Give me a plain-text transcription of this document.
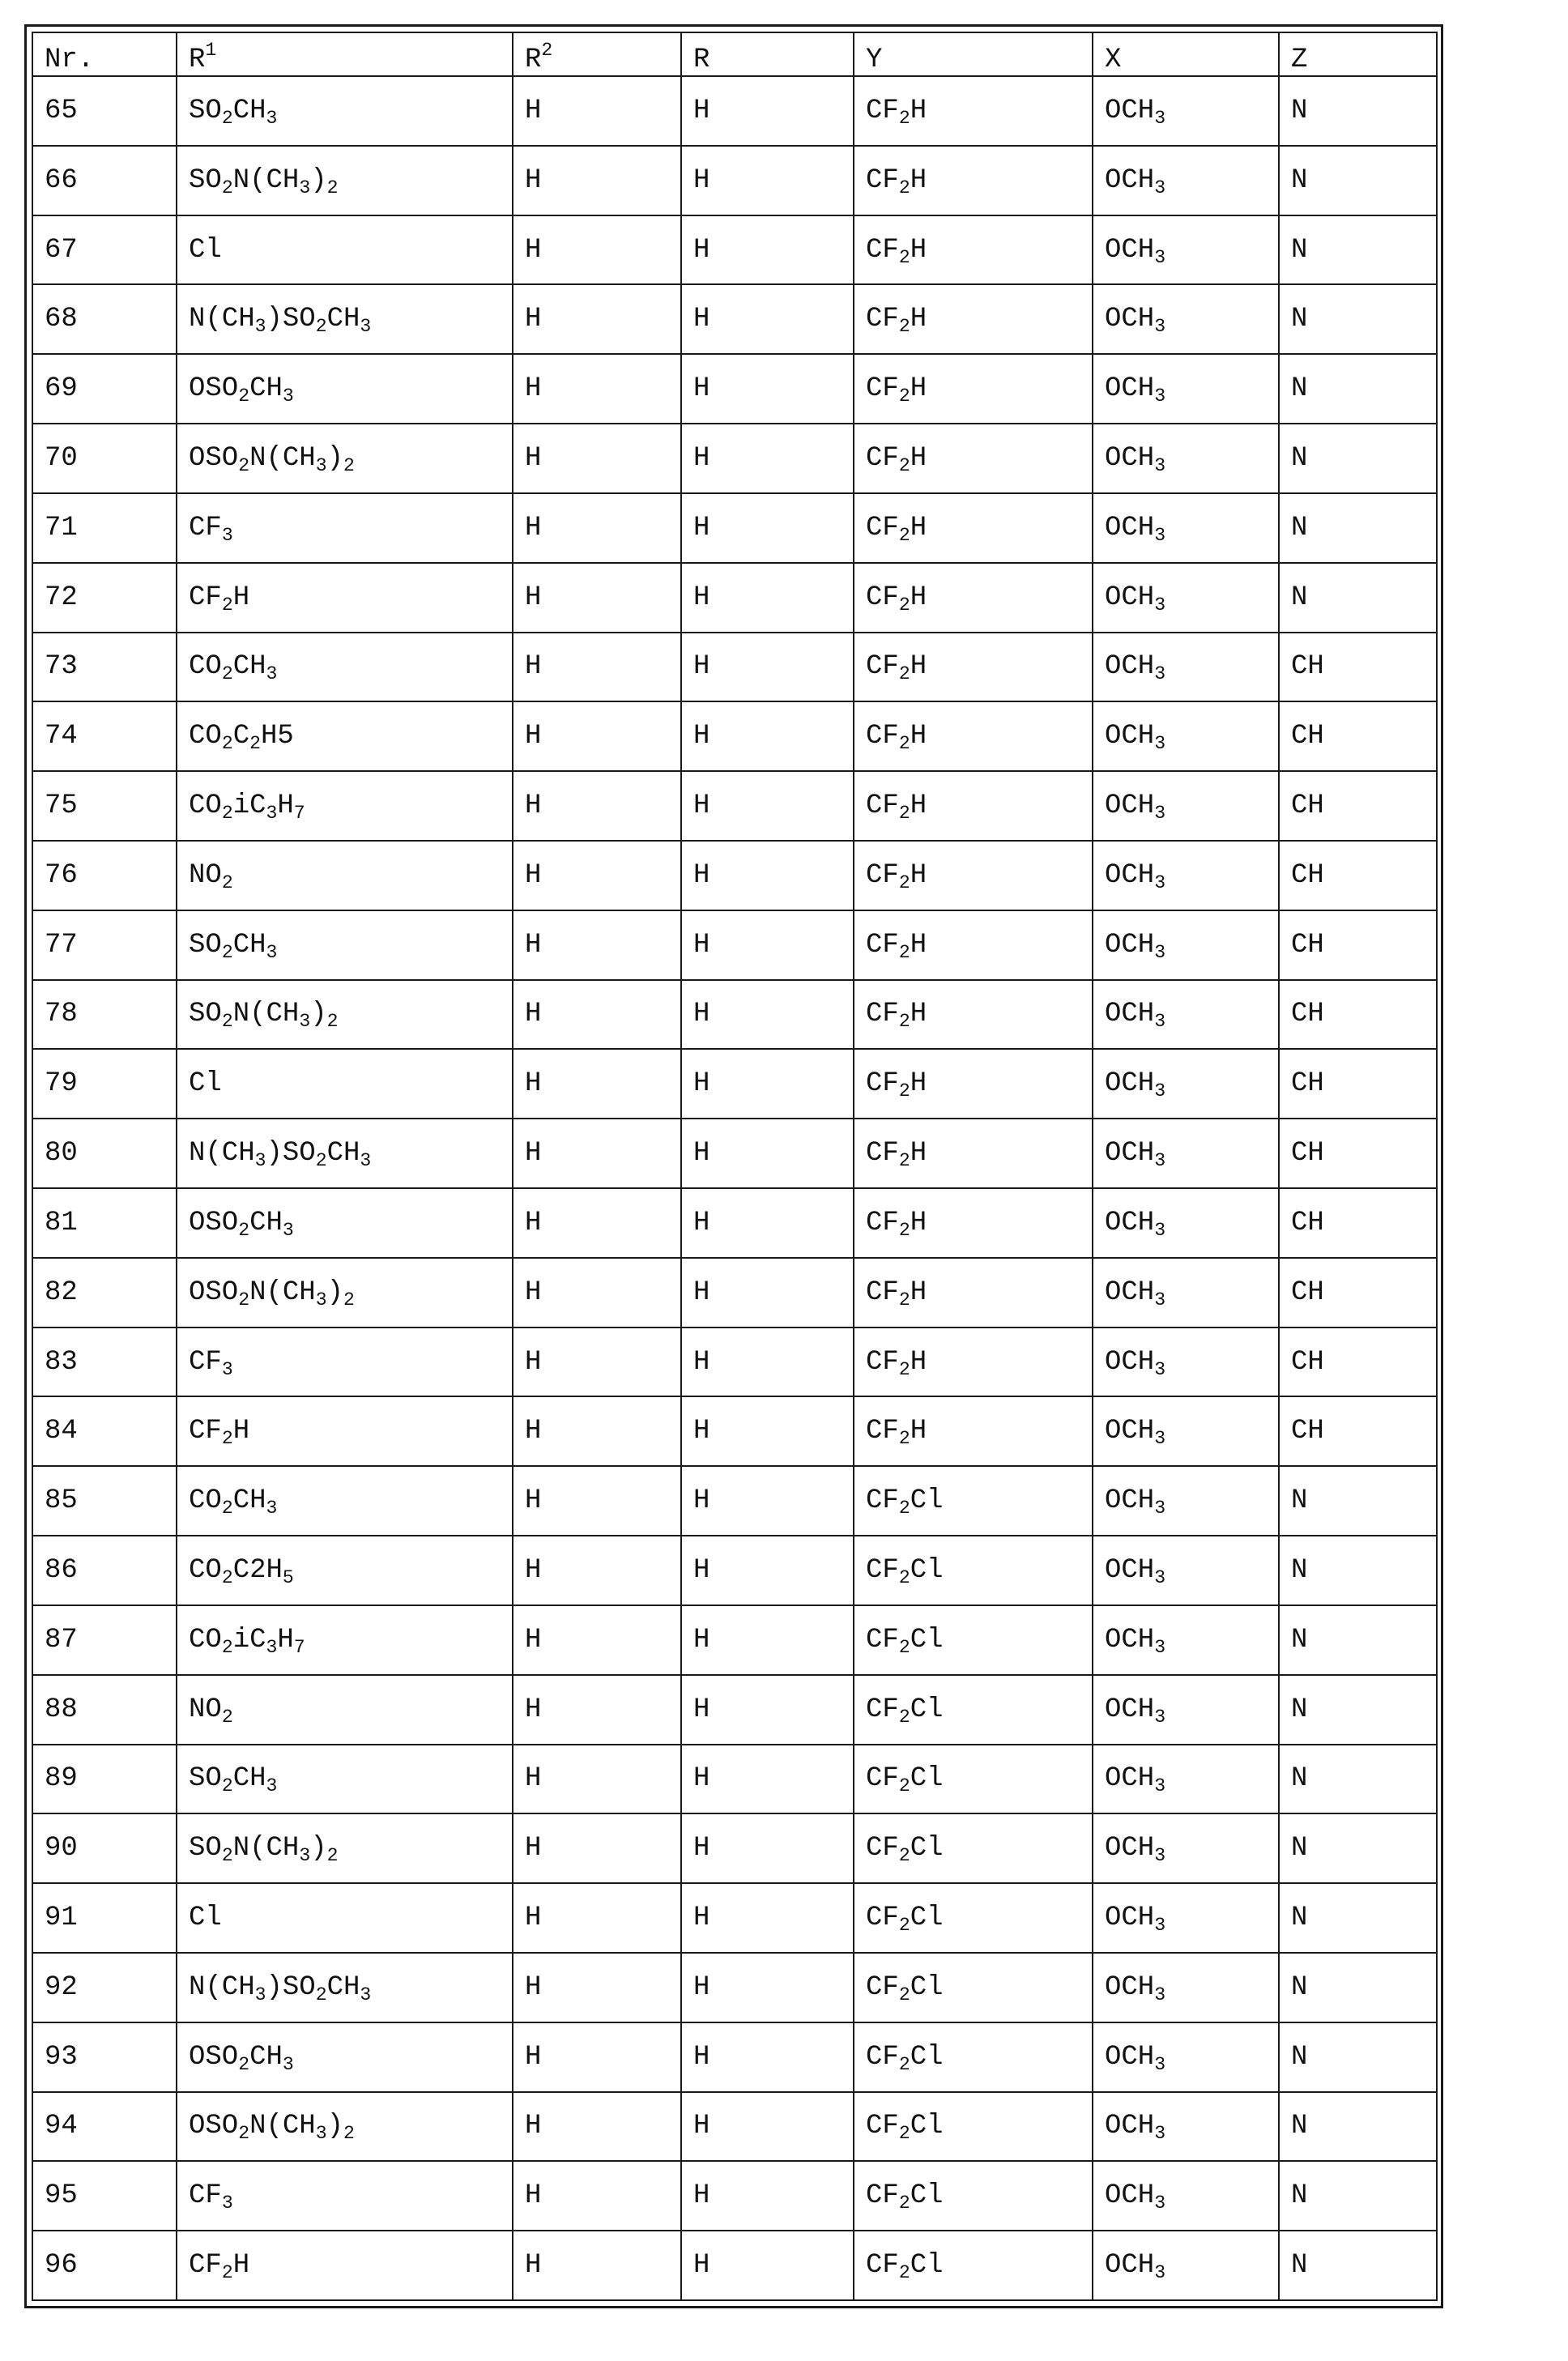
Nr.	$R^1$	$R^2$	R	Y	X	Z
65	$SO_2CH_3$	H	H	$CF_2H$	$OCH_3$	N
66	$SO_2N(CH_3)_2$	H	H	$CF_2H$	$OCH_3$	N
67	Cl	H	H	$CF_2H$	$OCH_3$	N
68	$N(CH_3)SO_2CH_3$	H	H	$CF_2H$	$OCH_3$	N
69	$OSO_2CH_3$	H	H	$CF_2H$	$OCH_3$	N
70	$OSO_2N(CH_3)_2$	H	H	$CF_2H$	$OCH_3$	N
71	$CF_3$	H	H	$CF_2H$	$OCH_3$	N
72	$CF_2H$	H	H	$CF_2H$	$OCH_3$	N
73	$CO_2CH_3$	H	H	$CF_2H$	$OCH_3$	CH
74	$CO_2C_2H5$	H	H	$CF_2H$	$OCH_3$	CH
75	$CO_2iC_3H_7$	H	H	$CF_2H$	$OCH_3$	CH
76	$NO_2$	H	H	$CF_2H$	$OCH_3$	CH
77	$SO_2CH_3$	H	H	$CF_2H$	$OCH_3$	CH
78	$SO_2N(CH_3)_2$	H	H	$CF_2H$	$OCH_3$	CH
79	Cl	H	H	$CF_2H$	$OCH_3$	CH
80	$N(CH_3)SO_2CH_3$	H	H	$CF_2H$	$OCH_3$	CH
81	$OSO_2CH_3$	H	H	$CF_2H$	$OCH_3$	CH
82	$OSO_2N(CH_3)_2$	H	H	$CF_2H$	$OCH_3$	CH
83	$CF_3$	H	H	$CF_2H$	$OCH_3$	CH
84	$CF_2H$	H	H	$CF_2H$	$OCH_3$	CH
85	$CO_2CH_3$	H	H	$CF_2Cl$	$OCH_3$	N
86	$CO_2C2H_5$	H	H	$CF_2Cl$	$OCH_3$	N
87	$CO_2iC_3H_7$	H	H	$CF_2Cl$	$OCH_3$	N
88	$NO_2$	H	H	$CF_2Cl$	$OCH_3$	N
89	$SO_2CH_3$	H	H	$CF_2Cl$	$OCH_3$	N
90	$SO_2N(CH_3)_2$	H	H	$CF_2Cl$	$OCH_3$	N
91	Cl	H	H	$CF_2Cl$	$OCH_3$	N
92	$N(CH_3)SO_2CH_3$	H	H	$CF_2Cl$	$OCH_3$	N
93	$OSO_2CH_3$	H	H	$CF_2Cl$	$OCH_3$	N
94	$OSO_2N(CH_3)_2$	H	H	$CF_2Cl$	$OCH_3$	N
95	$CF_3$	H	H	$CF_2Cl$	$OCH_3$	N
96	$CF_2H$	H	H	$CF_2Cl$	$OCH_3$	N
